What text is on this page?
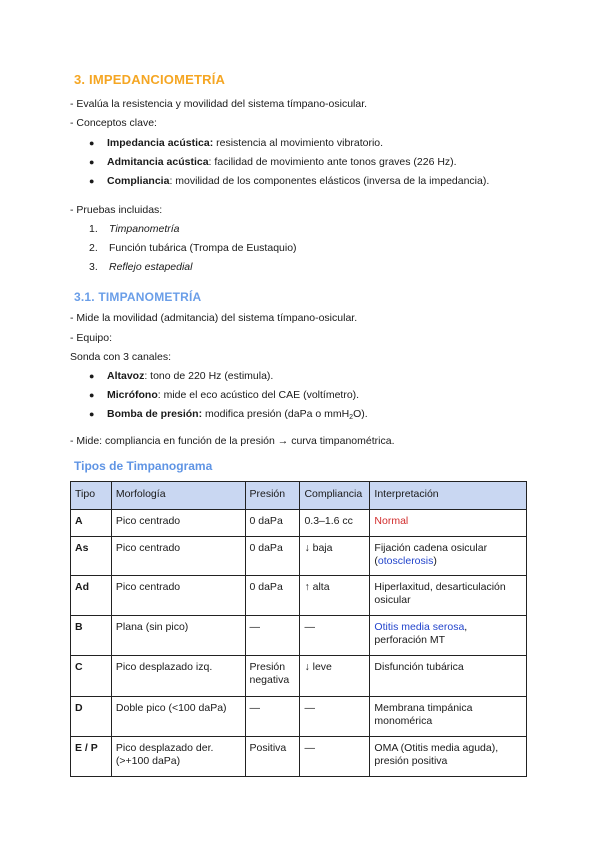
3. IMPEDANCIOMETRÍA
- Evalúa la resistencia y movilidad del sistema tímpano-osicular.
- Conceptos clave:
● Impedancia acústica: resistencia al movimiento vibratorio.
● Admitancia acústica: facilidad de movimiento ante tonos graves (226 Hz).
● Compliancia: movilidad de los componentes elásticos (inversa de la impedancia).
- Pruebas incluidas:
1. Timpanometría
2. Función tubárica (Trompa de Eustaquio)
3. Reflejo estapedial
3.1. TIMPANOMETRÍA
- Mide la movilidad (admitancia) del sistema tímpano-osicular.
- Equipo:
Sonda con 3 canales:
● Altavoz: tono de 220 Hz (estimula).
● Micrófono: mide el eco acústico del CAE (voltímetro).
● Bomba de presión: modifica presión (daPa o mmH$_2$O).
- Mide: compliancia en función de la presión → curva timpanométrica.
Tipos de Timpanograma
Tipo	Morfología	Presión	Compliancia	Interpretación
A	Pico centrado	0 daPa	0.3–1.6 cc	Normal
As	Pico centrado	0 daPa	↓ baja	Fijación cadena osicular (otosclerosis)
Ad	Pico centrado	0 daPa	↑ alta	Hiperlaxitud, desarticulación osicular
B	Plana (sin pico)	—	—	Otitis media serosa, perforación MT
C	Pico desplazado izq.	Presión negativa	↓ leve	Disfunción tubárica
D	Doble pico (<100 daPa)	—	—	Membrana timpánica monomérica
E / P	Pico desplazado der. (>+100 daPa)	Positiva	—	OMA (Otitis media aguda), presión positiva
